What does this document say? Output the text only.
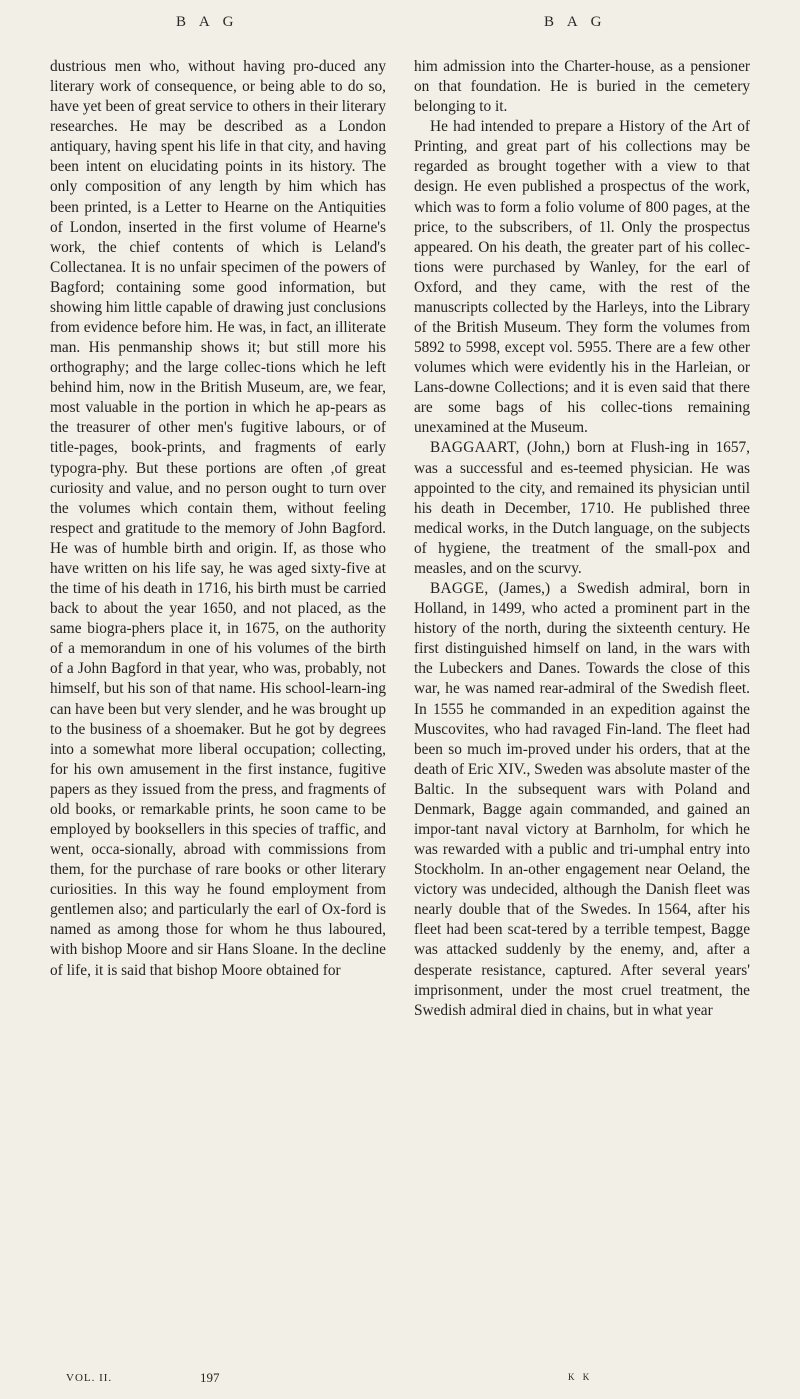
B A G	B A G

dustrious men who, without having pro-duced any literary work of consequence, or being able to do so, have yet been of great service to others in their literary researches. He may be described as a London antiquary, having spent his life in that city, and having been intent on elucidating points in its history. The only composition of any length by him which has been printed, is a Letter to Hearne on the Antiquities of London, inserted in the first volume of Hearne's work, the chief contents of which is Leland's Collectanea. It is no unfair specimen of the powers of Bagford; containing some good information, but showing him little capable of drawing just conclusions from evidence before him. He was, in fact, an illiterate man. His penmanship shows it; but still more his orthography; and the large collec-tions which he left behind him, now in the British Museum, are, we fear, most valuable in the portion in which he ap-pears as the treasurer of other men's fugitive labours, or of title-pages, book-prints, and fragments of early typogra-phy. But these portions are often ,of great curiosity and value, and no person ought to turn over the volumes which contain them, without feeling respect and gratitude to the memory of John Bagford. He was of humble birth and origin. If, as those who have written on his life say, he was aged sixty-five at the time of his death in 1716, his birth must be carried back to about the year 1650, and not placed, as the same biogra-phers place it, in 1675, on the authority of a memorandum in one of his volumes of the birth of a John Bagford in that year, who was, probably, not himself, but his son of that name. His school-learn-ing can have been but very slender, and he was brought up to the business of a shoemaker. But he got by degrees into a somewhat more liberal occupation; collecting, for his own amusement in the first instance, fugitive papers as they issued from the press, and fragments of old books, or remarkable prints, he soon came to be employed by booksellers in this species of traffic, and went, occa-sionally, abroad with commissions from them, for the purchase of rare books or other literary curiosities. In this way he found employment from gentlemen also; and particularly the earl of Ox-ford is named as among those for whom he thus laboured, with bishop Moore and sir Hans Sloane. In the decline of life, it is said that bishop Moore obtained for

him admission into the Charter-house, as a pensioner on that foundation. He is buried in the cemetery belonging to it.

He had intended to prepare a History of the Art of Printing, and great part of his collections may be regarded as brought together with a view to that design. He even published a prospectus of the work, which was to form a folio volume of 800 pages, at the price, to the subscribers, of 1l. Only the prospectus appeared. On his death, the greater part of his collec-tions were purchased by Wanley, for the earl of Oxford, and they came, with the rest of the manuscripts collected by the Harleys, into the Library of the British Museum. They form the volumes from 5892 to 5998, except vol. 5955. There are a few other volumes which were evidently his in the Harleian, or Lans-downe Collections; and it is even said that there are some bags of his collec-tions remaining unexamined at the Museum.

BAGGAART, (John,) born at Flush-ing in 1657, was a successful and es-teemed physician. He was appointed to the city, and remained its physician until his death in December, 1710. He published three medical works, in the Dutch language, on the subjects of hygiene, the treatment of the small-pox and measles, and on the scurvy.

BAGGE, (James,) a Swedish admiral, born in Holland, in 1499, who acted a prominent part in the history of the north, during the sixteenth century. He first distinguished himself on land, in the wars with the Lubeckers and Danes. Towards the close of this war, he was named rear-admiral of the Swedish fleet. In 1555 he commanded in an expedition against the Muscovites, who had ravaged Fin-land. The fleet had been so much im-proved under his orders, that at the death of Eric XIV., Sweden was absolute master of the Baltic. In the subsequent wars with Poland and Denmark, Bagge again commanded, and gained an impor-tant naval victory at Barnholm, for which he was rewarded with a public and tri-umphal entry into Stockholm. In an-other engagement near Oeland, the victory was undecided, although the Danish fleet was nearly double that of the Swedes. In 1564, after his fleet had been scat-tered by a terrible tempest, Bagge was attacked suddenly by the enemy, and, after a desperate resistance, captured. After several years' imprisonment, under the most cruel treatment, the Swedish admiral died in chains, but in what year

VOL. II.	197	K K
